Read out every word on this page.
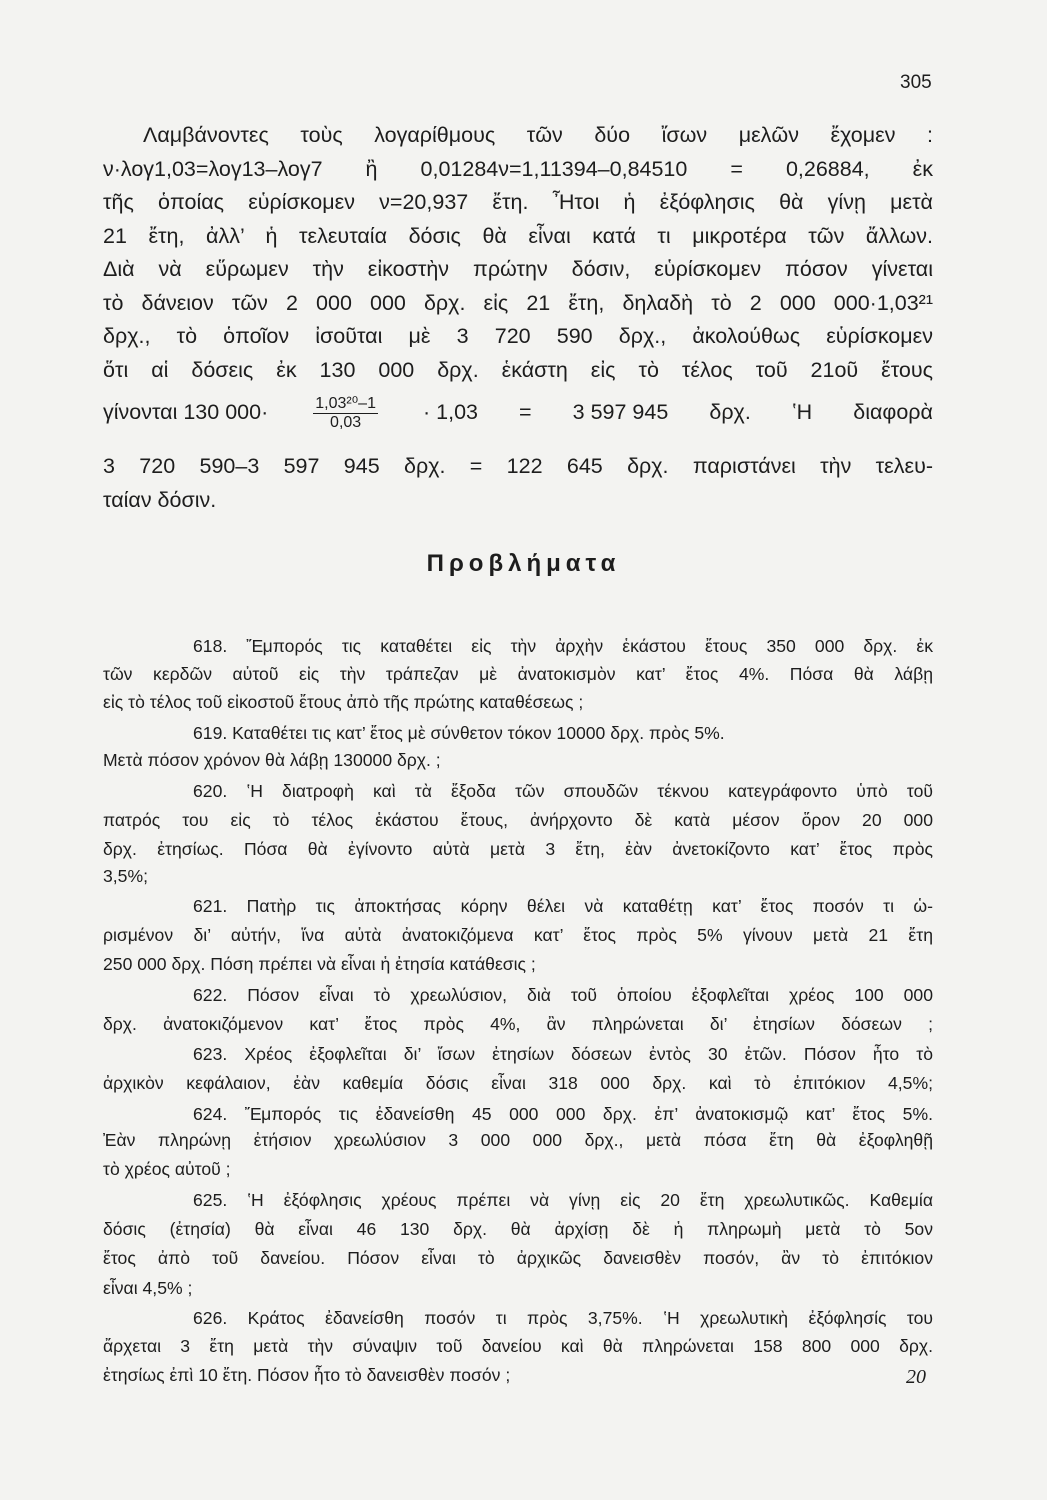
305
Λαμβάνοντες τοὺς λογαρίθμους τῶν δύο ἴσων μελῶν ἔχομεν :
ν·λογ1,03=λογ13–λογ7 ἢ 0,01284ν=1,11394–0,84510 = 0,26884, ἐκ
τῆς ὁποίας εὑρίσκομεν ν=20,937 ἔτη. Ἦτοι ἡ ἐξόφλησις θὰ γίνῃ μετὰ
21 ἔτη, ἀλλ’ ἡ τελευταία δόσις θὰ εἶναι κατά τι μικροτέρα τῶν ἄλλων.
Διὰ νὰ εὕρωμεν τὴν εἰκοστὴν πρώτην δόσιν, εὑρίσκομεν πόσον γίνεται
τὸ δάνειον τῶν 2 000 000 δρχ. εἰς 21 ἔτη, δηλαδὴ τὸ 2 000 000·1,03²¹
δρχ., τὸ ὁποῖον ἰσοῦται μὲ 3 720 590 δρχ., ἀκολούθως εὑρίσκομεν
ὅτι αἱ δόσεις ἐκ 130 000 δρχ. ἑκάστη εἰς τὸ τέλος τοῦ 21οῦ ἔτους
γίνονται 130 000·	$\frac{\text{1,03²⁰–1}}{0,03} \cdot 1,03 = 3$ 597 945 δρχ. ʽΗ διαφορὰ
3 720 590–3 597 945 δρχ. = 122 645 δρχ. παριστάνει τὴν τελευ-
ταίαν δόσιν.
Προβλήματα
618. Ἔμπορός τις καταθέτει εἰς τὴν ἀρχὴν ἑκάστου ἔτους 350 000 δρχ. ἐκ
τῶν κερδῶν αὐτοῦ εἰς τὴν τράπεζαν μὲ ἀνατοκισμὸν κατ’ ἔτος 4%. Πόσα θὰ λάβῃ
εἰς τὸ τέλος τοῦ εἰκοστοῦ ἔτους ἀπὸ τῆς πρώτης καταθέσεως ;
619. Καταθέτει τις κατ’ ἔτος μὲ σύνθετον τόκον 10000 δρχ. πρὸς 5%.
Μετὰ πόσον χρόνον θὰ λάβῃ 130000 δρχ. ;
620. ʽΗ διατροφὴ καὶ τὰ ἔξοδα τῶν σπουδῶν τέκνου κατεγράφοντο ὑπὸ τοῦ
πατρός του εἰς τὸ τέλος ἑκάστου ἔτους, ἀνήρχοντο δὲ κατὰ μέσον ὅρον 20 000
δρχ. ἐτησίως. Πόσα θὰ ἐγίνοντο αὐτὰ μετὰ 3 ἔτη, ἐὰν ἀνετοκίζοντο κατ’ ἔτος πρὸς
3,5%;
621. Πατὴρ τις ἀποκτήσας κόρην θέλει νὰ καταθέτῃ κατ’ ἔτος ποσόν τι ὡ-
ρισμένον δι’ αὐτήν, ἵνα αὐτὰ ἀνατοκιζόμενα κατ’ ἔτος πρὸς 5% γίνουν μετὰ 21 ἔτη
250 000 δρχ. Πόση πρέπει νὰ εἶναι ἡ ἐτησία κατάθεσις ;
622. Πόσον εἶναι τὸ χρεωλύσιον, διὰ τοῦ ὁποίου ἐξοφλεῖται χρέος 100 000
δρχ. ἀνατοκιζόμενον κατ’ ἔτος πρὸς 4%, ἂν πληρώνεται δι’ ἐτησίων δόσεων ;
623. Χρέος ἐξοφλεῖται δι’ ἴσων ἐτησίων δόσεων ἐντὸς 30 ἐτῶν. Πόσον ἦτο τὸ
ἀρχικὸν κεφάλαιον, ἐὰν καθεμία δόσις εἶναι 318 000 δρχ. καὶ τὸ ἐπιτόκιον 4,5%;
624. Ἔμπορός τις ἐδανείσθη 45 000 000 δρχ. ἐπ’ ἀνατοκισμῷ κατ’ ἔτος 5%.
Ἐὰν πληρώνῃ ἐτήσιον χρεωλύσιον 3 000 000 δρχ., μετὰ πόσα ἔτη θὰ ἐξοφληθῇ
τὸ χρέος αὐτοῦ ;
625. ʽΗ ἐξόφλησις χρέους πρέπει νὰ γίνῃ εἰς 20 ἔτη χρεωλυτικῶς. Καθεμία
δόσις (ἐτησία) θὰ εἶναι 46 130 δρχ. θὰ ἀρχίσῃ δὲ ἡ πληρωμὴ μετὰ τὸ 5ον
ἔτος ἀπὸ τοῦ δανείου. Πόσον εἶναι τὸ ἀρχικῶς δανεισθὲν ποσόν, ἂν τὸ ἐπιτόκιον
εἶναι 4,5% ;
626. Κράτος ἐδανείσθη ποσόν τι πρὸς 3,75%. ʽΗ χρεωλυτικὴ ἐξόφλησίς του
ἄρχεται 3 ἔτη μετὰ τὴν σύναψιν τοῦ δανείου καὶ θὰ πληρώνεται 158 800 000 δρχ.
ἐτησίως ἐπὶ 10 ἔτη. Πόσον ἦτο τὸ δανεισθὲν ποσόν ;	20
